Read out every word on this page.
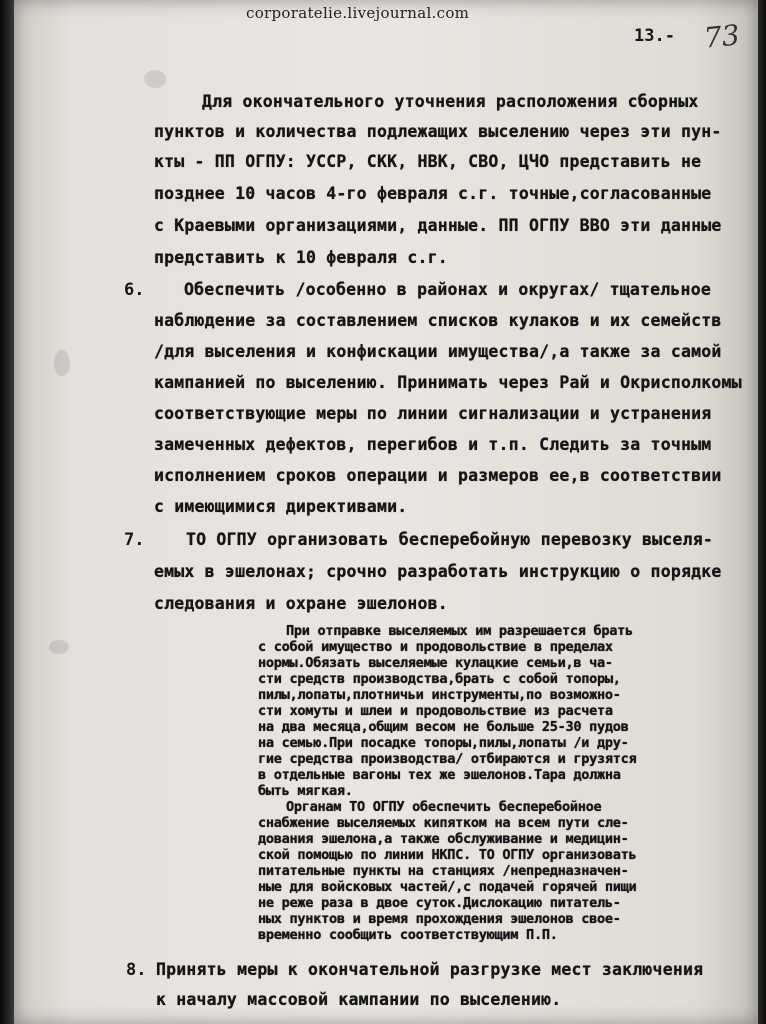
13.- 73
Для окончательного уточнения расположения сборных
пунктов и количества подлежащих выселению через эти пун-
кты - ПП ОГПУ: УССР, СКК, НВК, СВО, ЦЧО представить не
позднее 10 часов 4-го февраля с.г. точные,согласованные
с Краевыми организациями, данные. ПП ОГПУ ВВО эти данные
представить к 10 февраля с.г.
6. Обеспечить /особенно в районах и округах/ тщательное
наблюдение за составлением списков кулаков и их семейств
/для выселения и конфискации имущества/,а также за самой
кампанией по выселению. Принимать через Рай и Окрисполкомы
соответствующие меры по линии сигнализации и устранения
замеченных дефектов, перегибов и т.п. Следить за точным
исполнением сроков операции и размеров ее,в соответствии
с имеющимися директивами.
7.	ТО ОГПУ организовать бесперебойную перевозку выселя-
емых в эшелонах; срочно разработать инструкцию о порядке
следования и охране эшелонов.
При отправке выселяемых им разрешается брать
с собой имущество и продовольствие в пределах
нормы.Обязать выселяемые кулацкие семьи,в ча-
сти средств производства,брать с собой топоры,
пилы,лопаты,плотничьи инструменты,по возможно-
сти хомуты и шлеи и продовольствие из расчета
на два месяца,общим весом не больше 25-30 пудов
на семью.При посадке топоры,пилы,лопаты /и дру-
гие средства производства/ отбираются и грузятся
в отдельные вагоны тех же эшелонов.Тара должна
быть мягкая.
Органам ТО ОГПУ обеспечить бесперебойное
снабжение выселяемых кипятком на всем пути сле-
дования эшелона,а также обслуживание и медицин-
ской помощью по линии НКПС. ТО ОГПУ организовать
питательные пункты на станциях /непредназначен-
ные для войсковых частей/,с подачей горячей пищи
не реже раза в двое суток.Дислокацию питатель-
ных пунктов и время прохождения эшелонов свое-
временно сообщить соответствующим П.П.
8. Принять меры к окончательной разгрузке мест заключения
к началу массовой кампании по выселению.
corporatelie.livejournal.com
